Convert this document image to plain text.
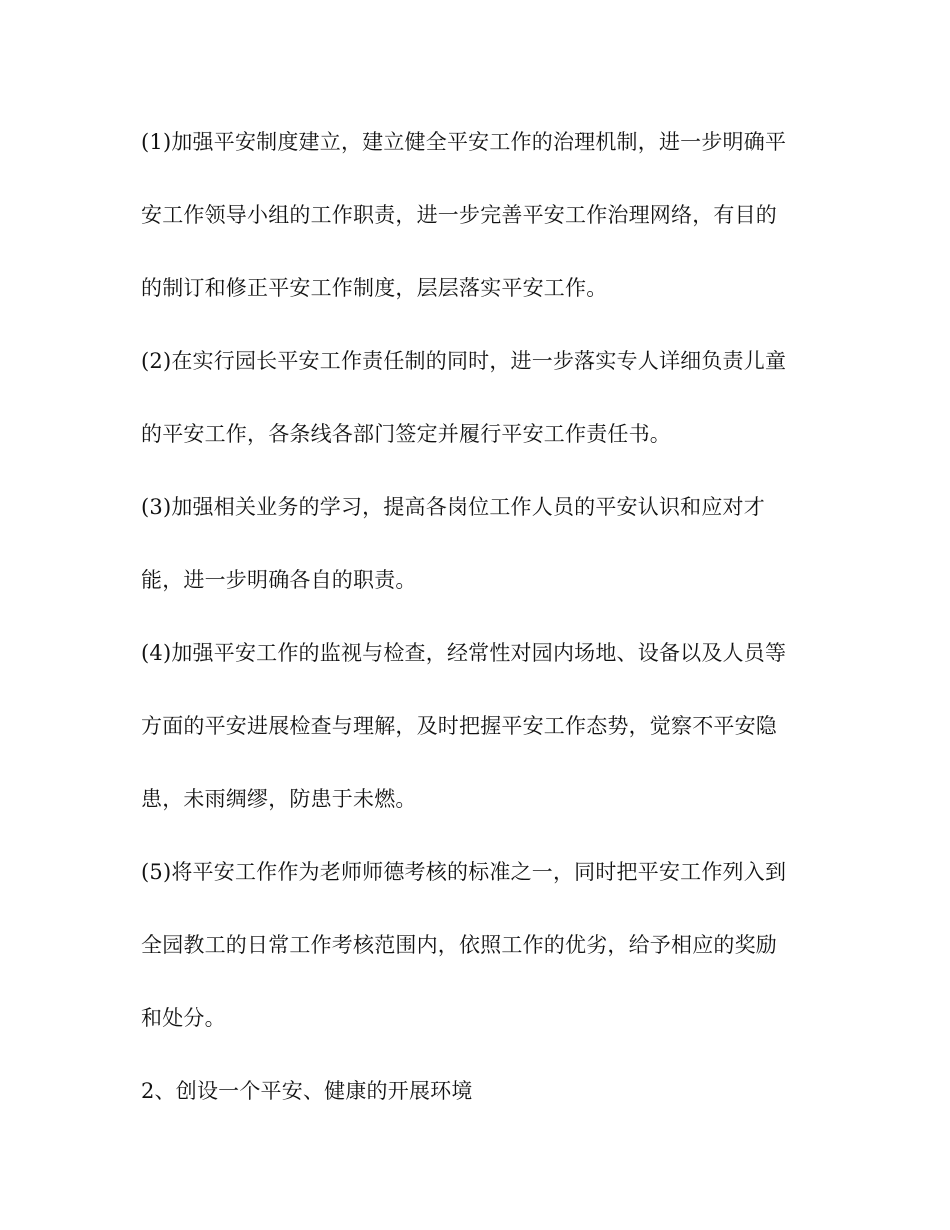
(1)加强平安制度建立，建立健全平安工作的治理机制，进一步明确平
安工作领导小组的工作职责，进一步完善平安工作治理网络，有目的
的制订和修正平安工作制度，层层落实平安工作。
(2)在实行园长平安工作责任制的同时，进一步落实专人详细负责儿童
的平安工作，各条线各部门签定并履行平安工作责任书。
(3)加强相关业务的学习，提高各岗位工作人员的平安认识和应对才
能，进一步明确各自的职责。
(4)加强平安工作的监视与检查，经常性对园内场地、设备以及人员等
方面的平安进展检查与理解，及时把握平安工作态势，觉察不平安隐
患，未雨绸缪，防患于未燃。
(5)将平安工作作为老师师德考核的标准之一，同时把平安工作列入到
全园教工的日常工作考核范围内，依照工作的优劣，给予相应的奖励
和处分。
2、创设一个平安、健康的开展环境
